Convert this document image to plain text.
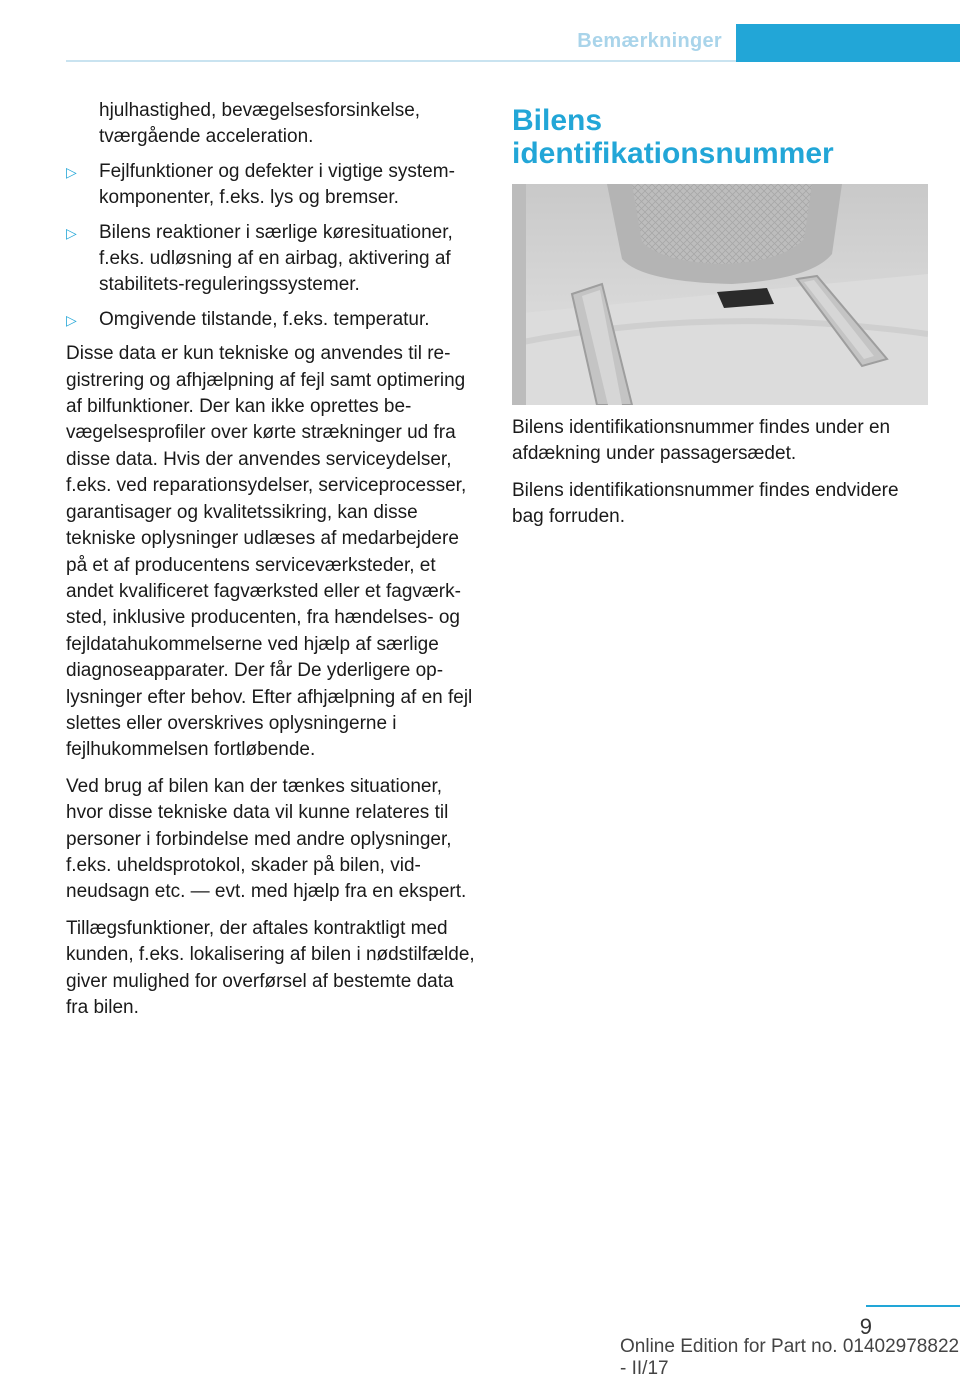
Bemærkninger

hjulhastighed, bevægelsesforsinkelse, tværgående acceleration.

▷ Fejlfunktioner og defekter i vigtige systemkomponenter, f.eks. lys og bremser.
▷ Bilens reaktioner i særlige køresituationer, f.eks. udløsning af en airbag, aktivering af stabilitets-reguleringssystemer.
▷ Omgivende tilstande, f.eks. temperatur.

Disse data er kun tekniske og anvendes til registrering og afhjælpning af fejl samt optimering af bilfunktioner. Der kan ikke oprettes bevægelsesprofiler over kørte strækninger ud fra disse data. Hvis der anvendes serviceydelser, f.eks. ved reparationsydelser, serviceprocesser, garantisager og kvalitetssikring, kan disse tekniske oplysninger udlæses af medarbejdere på et af producentens serviceværksteder, et andet kvalificeret fagværksted eller et fagværksted, inklusive producenten, fra hændelses- og fejldatahukommelserne ved hjælp af særlige diagnoseapparater. Der får De yderligere oplysninger efter behov. Efter afhjælpning af en fejl slettes eller overskrives oplysningerne i fejlhukommelsen fortløbende.

Ved brug af bilen kan der tænkes situationer, hvor disse tekniske data vil kunne relateres til personer i forbindelse med andre oplysninger, f.eks. uheldsprotokol, skader på bilen, vidneudsagn etc. — evt. med hjælp fra en ekspert.

Tillægsfunktioner, der aftales kontraktligt med kunden, f.eks. lokalisering af bilen i nødstilfælde, giver mulighed for overførsel af bestemte data fra bilen.

Bilens identifikationsnummer

Bilens identifikationsnummer findes under en afdækning under passagersædet.

Bilens identifikationsnummer findes endvidere bag forruden.

9
Online Edition for Part no. 01402978822 - II/17
